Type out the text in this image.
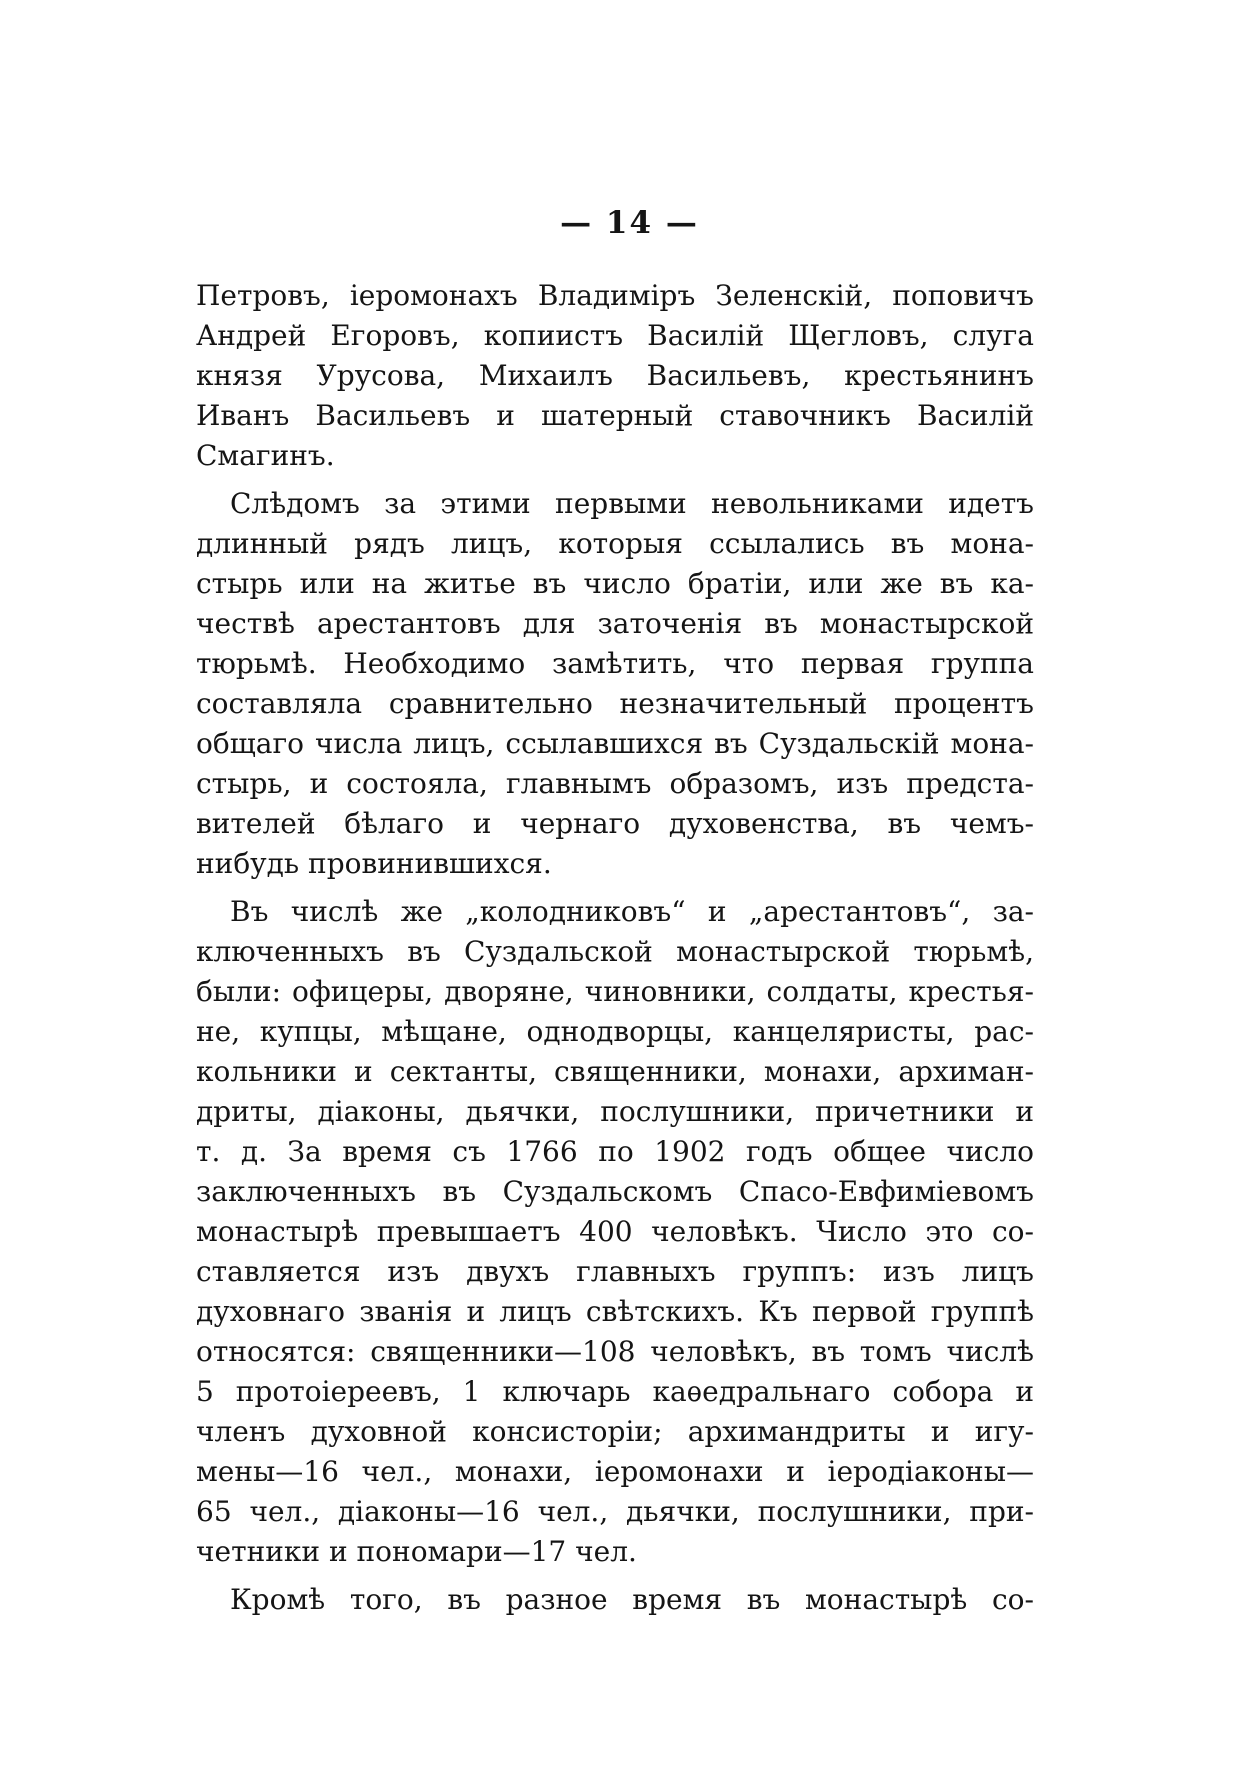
— 14 —
Петровъ, іеромонахъ Владиміръ Зеленскій, поповичъ
Андрей Егоровъ, копиистъ Василій Щегловъ, слуга
князя Урусова, Михаилъ Васильевъ, крестьянинъ
Иванъ Васильевъ и шатерный ставочникъ Василій
Смагинъ.
Слѣдомъ за этими первыми невольниками идетъ
длинный рядъ лицъ, которыя ссылались въ мона-
стырь или на житье въ число братіи, или же въ ка-
чествѣ арестантовъ для заточенія въ монастырской
тюрьмѣ. Необходимо замѣтить, что первая группа
составляла сравнительно незначительный процентъ
общаго числа лицъ, ссылавшихся въ Суздальскій мона-
стырь, и состояла, главнымъ образомъ, изъ предста-
вителей бѣлаго и чернаго духовенства, въ чемъ-
нибудь провинившихся.
Въ числѣ же „колодниковъ“ и „арестантовъ“, за-
ключенныхъ въ Суздальской монастырской тюрьмѣ,
были: офицеры, дворяне, чиновники, солдаты, крестья-
не, купцы, мѣщане, однодворцы, канцеляристы, рас-
кольники и сектанты, священники, монахи, архиман-
дриты, діаконы, дьячки, послушники, причетники и
т. д. За время съ 1766 по 1902 годъ общее число
заключенныхъ въ Суздальскомъ Спасо-Евфиміевомъ
монастырѣ превышаетъ 400 человѣкъ. Число это со-
ставляется изъ двухъ главныхъ группъ: изъ лицъ
духовнаго званія и лицъ свѣтскихъ. Къ первой группѣ
относятся: священники—108 человѣкъ, въ томъ числѣ
5 протоіереевъ, 1 ключарь каѳедральнаго собора и
членъ духовной консисторіи; архимандриты и игу-
мены—16 чел., монахи, іеромонахи и іеродіаконы—
65 чел., діаконы—16 чел., дьячки, послушники, при-
четники и пономари—17 чел.
Кромѣ того, въ разное время въ монастырѣ со-
